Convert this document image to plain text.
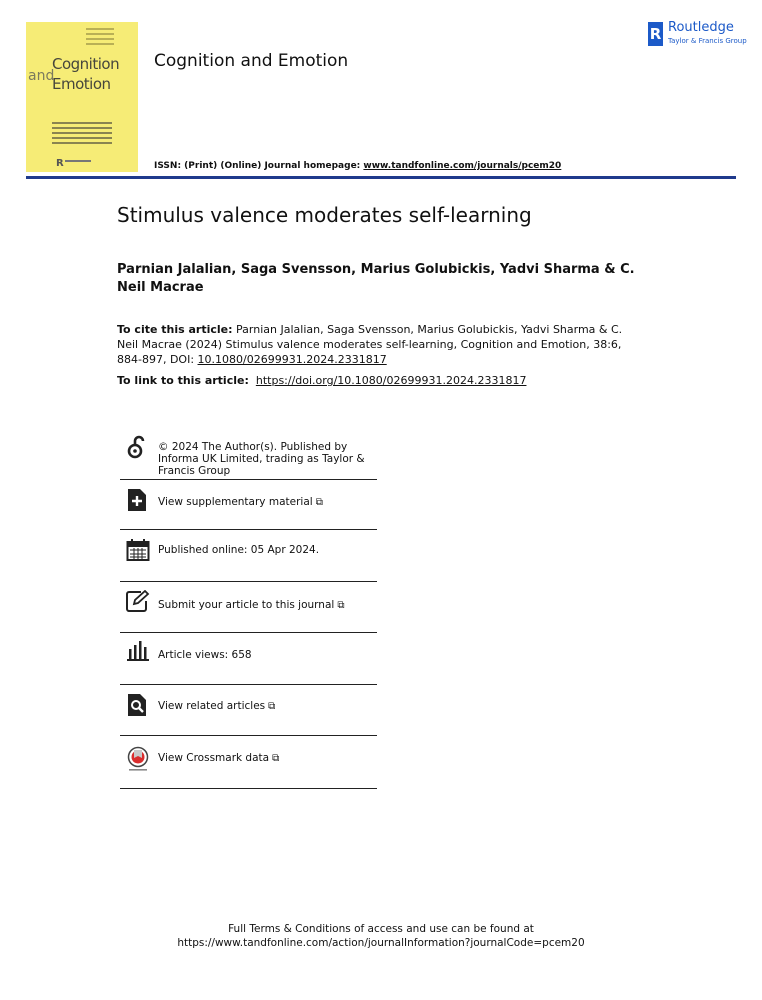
and
Cognition
Emotion
R
Cognition and Emotion
R Routledge
Taylor & Francis Group
ISSN: (Print) (Online) Journal homepage: www.tandfonline.com/journals/pcem20
Stimulus valence moderates self-learning
Parnian Jalalian, Saga Svensson, Marius Golubickis, Yadvi Sharma & C. Neil Macrae
To cite this article: Parnian Jalalian, Saga Svensson, Marius Golubickis, Yadvi Sharma & C. Neil Macrae (2024) Stimulus valence moderates self-learning, Cognition and Emotion, 38:6, 884-897, DOI: 10.1080/02699931.2024.2331817
To link to this article: https://doi.org/10.1080/02699931.2024.2331817
© 2024 The Author(s). Published by Informa UK Limited, trading as Taylor & Francis Group
View supplementary material ⧉
Published online: 05 Apr 2024.
Submit your article to this journal ⧉
Article views: 658
View related articles ⧉
View Crossmark data ⧉
Full Terms & Conditions of access and use can be found at
https://www.tandfonline.com/action/journalInformation?journalCode=pcem20
